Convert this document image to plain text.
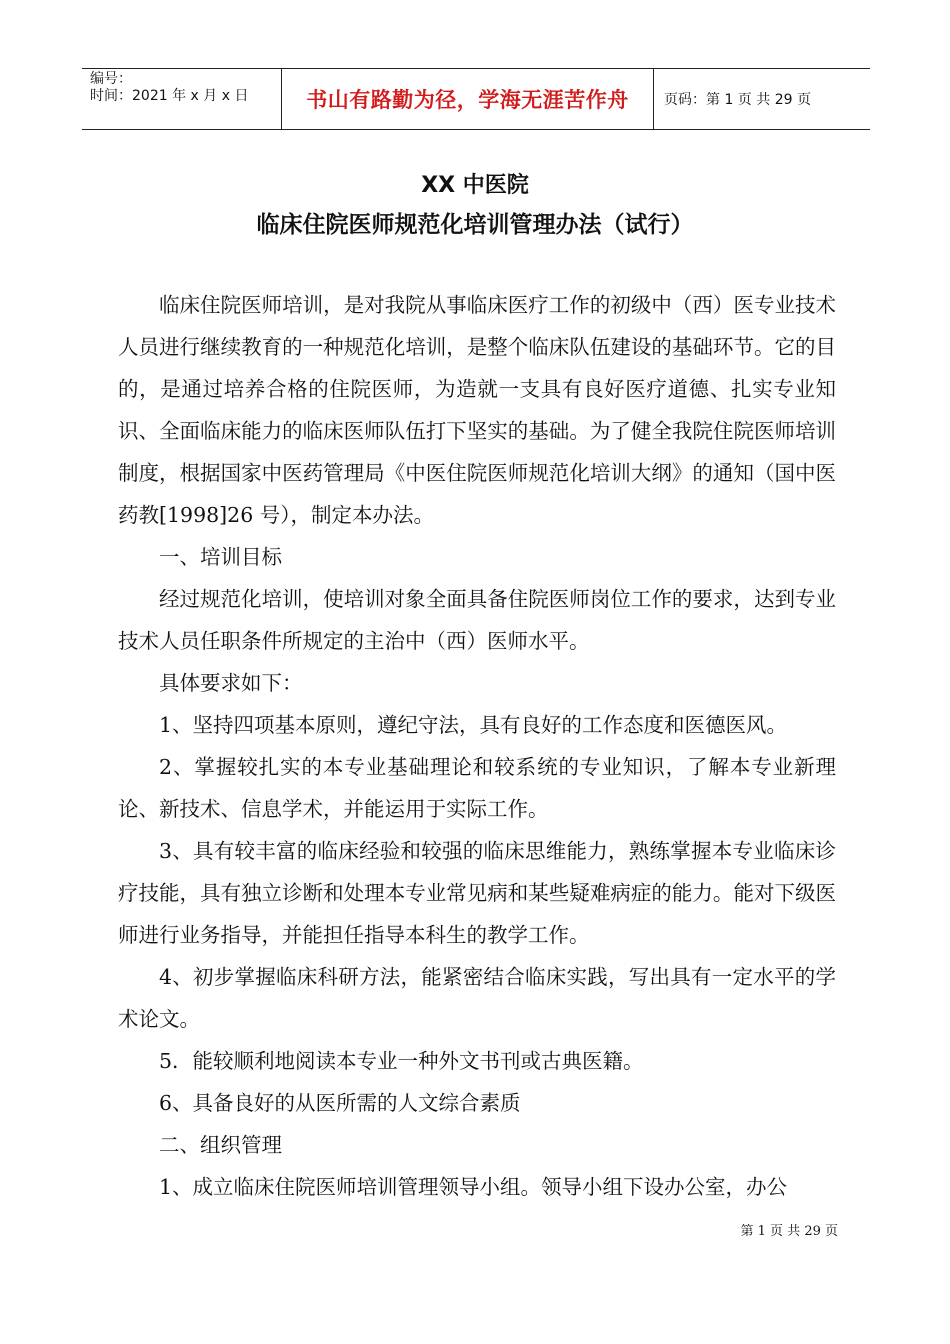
编号：
时间：2021 年 x 月 x 日	书山有路勤为径，学海无涯苦作舟	页码：第 1 页 共 29 页
XX 中医院
临床住院医师规范化培训管理办法（试行）

临床住院医师培训，是对我院从事临床医疗工作的初级中（西）医专业技术人员进行继续教育的一种规范化培训，是整个临床队伍建设的基础环节。它的目的，是通过培养合格的住院医师，为造就一支具有良好医疗道德、扎实专业知识、全面临床能力的临床医师队伍打下坚实的基础。为了健全我院住院医师培训制度，根据国家中医药管理局《中医住院医师规范化培训大纲》的通知（国中医药教[1998]26 号），制定本办法。

一、培训目标

经过规范化培训，使培训对象全面具备住院医师岗位工作的要求，达到专业技术人员任职条件所规定的主治中（西）医师水平。

具体要求如下：

1、坚持四项基本原则，遵纪守法，具有良好的工作态度和医德医风。

2、掌握较扎实的本专业基础理论和较系统的专业知识，了解本专业新理论、新技术、信息学术，并能运用于实际工作。

3、具有较丰富的临床经验和较强的临床思维能力，熟练掌握本专业临床诊疗技能，具有独立诊断和处理本专业常见病和某些疑难病症的能力。能对下级医师进行业务指导，并能担任指导本科生的教学工作。

4、初步掌握临床科研方法，能紧密结合临床实践，写出具有一定水平的学术论文。

5．能较顺利地阅读本专业一种外文书刊或古典医籍。

6、具备良好的从医所需的人文综合素质

二、组织管理

1、成立临床住院医师培训管理领导小组。领导小组下设办公室，办公

第 1 页 共 29 页
